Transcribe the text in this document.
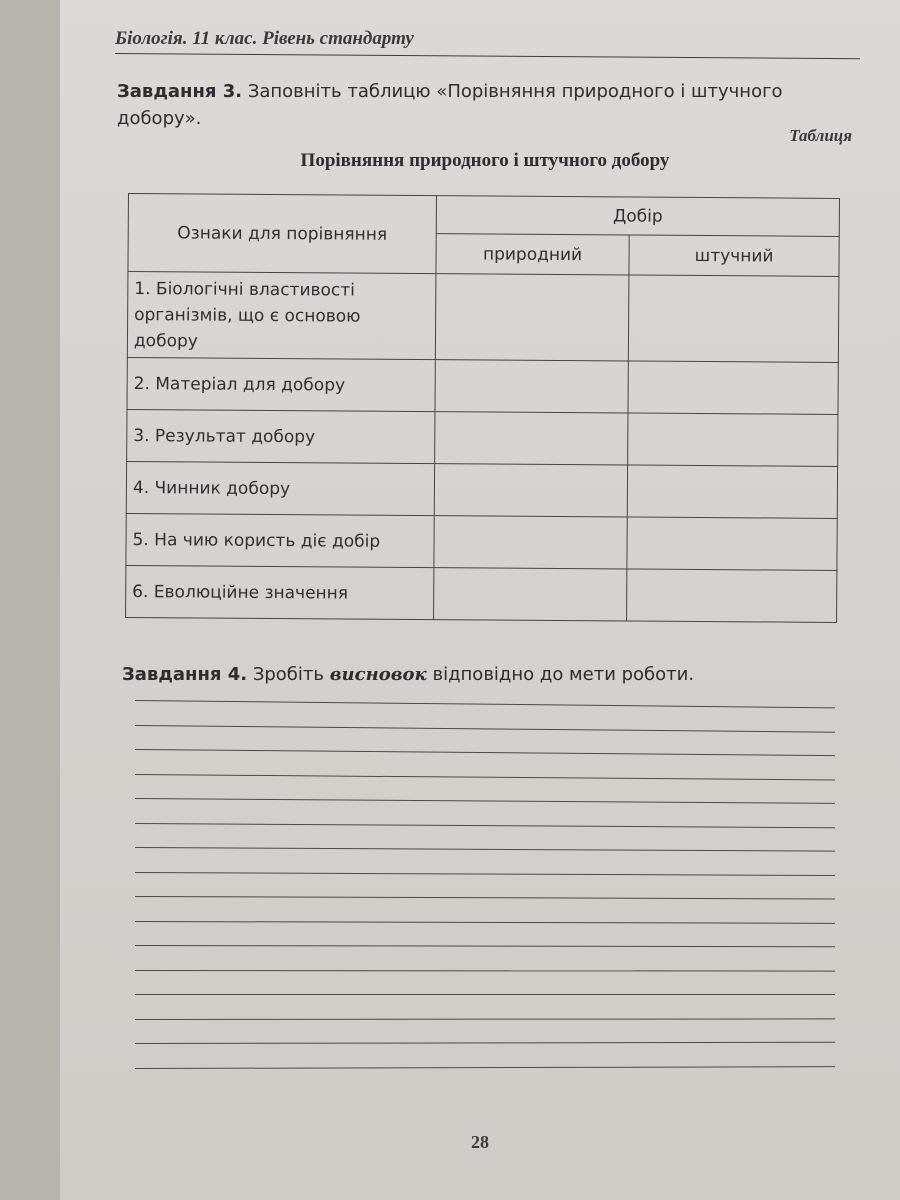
Біологія. 11 клас. Рівень стандарту
Завдання 3. Заповніть таблицю «Порівняння природного і штучного добору».
Таблиця
Порівняння природного і штучного добору
Ознаки для порівняння	Добір	
	природний	штучний
1. Біологічні властивості організмів, що є основою добору		
2. Матеріал для добору		
3. Результат добору		
4. Чинник добору		
5. На чию користь діє добір		
6. Еволюційне значення		
Завдання 4. Зробіть висновок відповідно до мети роботи.
28
